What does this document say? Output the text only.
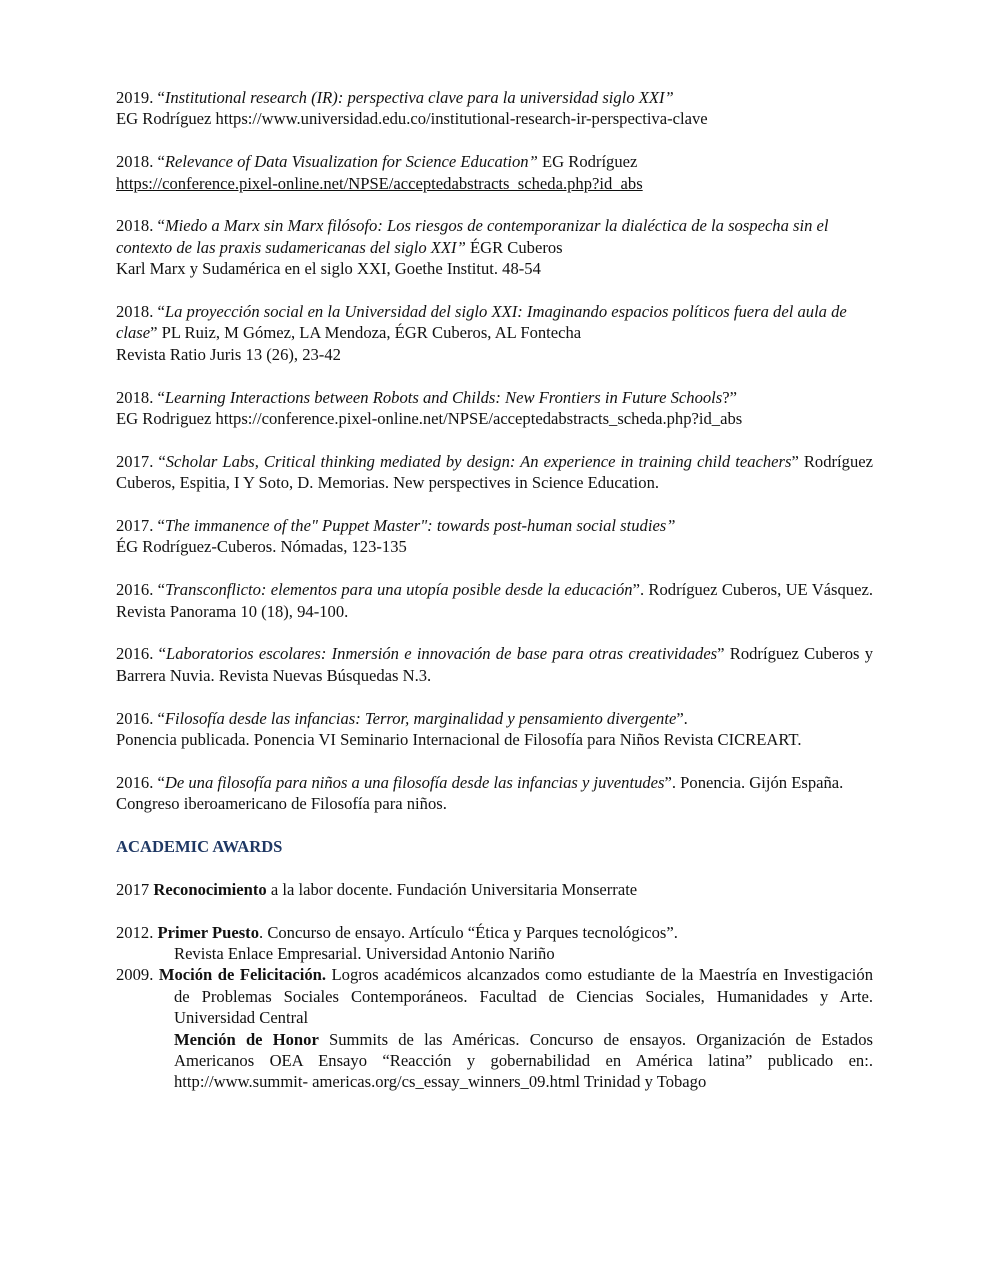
2019. “Institutional research (IR): perspectiva clave para la universidad siglo XXI”
EG Rodríguez https://www.universidad.edu.co/institutional-research-ir-perspectiva-clave
2018. “Relevance of Data Visualization for Science Education” EG Rodríguez
https://conference.pixel-online.net/NPSE/acceptedabstracts_scheda.php?id_abs
2018. “Miedo a Marx sin Marx filósofo: Los riesgos de contemporanizar la dialéctica de la sospecha sin el contexto de las praxis sudamericanas del siglo XXI” ÉGR Cuberos
Karl Marx y Sudamérica en el siglo XXI, Goethe Institut. 48-54
2018. “La proyección social en la Universidad del siglo XXI: Imaginando espacios políticos fuera del aula de clase” PL Ruiz, M Gómez, LA Mendoza, ÉGR Cuberos, AL Fontecha
Revista Ratio Juris 13 (26), 23-42
2018. “Learning Interactions between Robots and Childs: New Frontiers in Future Schools?”
EG Rodriguez https://conference.pixel-online.net/NPSE/acceptedabstracts_scheda.php?id_abs
2017. “Scholar Labs, Critical thinking mediated by design: An experience in training child teachers” Rodríguez Cuberos, Espitia, I Y Soto, D. Memorias. New perspectives in Science Education.
2017. “The immanence of the" Puppet Master": towards post-human social studies”
ÉG Rodríguez-Cuberos. Nómadas, 123-135
2016. “Transconflicto: elementos para una utopía posible desde la educación”. Rodríguez Cuberos, UE Vásquez. Revista Panorama 10 (18), 94-100.
2016. “Laboratorios escolares: Inmersión e innovación de base para otras creatividades” Rodríguez Cuberos y Barrera Nuvia. Revista Nuevas Búsquedas N.3.
2016. “Filosofía desde las infancias: Terror, marginalidad y pensamiento divergente”.
Ponencia publicada. Ponencia VI Seminario Internacional de Filosofía para Niños Revista CICREART.
2016. “De una filosofía para niños a una filosofía desde las infancias y juventudes”. Ponencia. Gijón España. Congreso iberoamericano de Filosofía para niños.
ACADEMIC AWARDS
2017 Reconocimiento a la labor docente. Fundación Universitaria Monserrate
2012. Primer Puesto. Concurso de ensayo. Artículo “Ética y Parques tecnológicos”.
Revista Enlace Empresarial. Universidad Antonio Nariño
2009. Moción de Felicitación. Logros académicos alcanzados como estudiante de la Maestría en Investigación de Problemas Sociales Contemporáneos. Facultad de Ciencias Sociales, Humanidades y Arte. Universidad Central
Mención de Honor Summits de las Américas. Concurso de ensayos. Organización de Estados Americanos OEA Ensayo “Reacción y gobernabilidad en América latina” publicado en:. http://www.summit- americas.org/cs_essay_winners_09.html Trinidad y Tobago
